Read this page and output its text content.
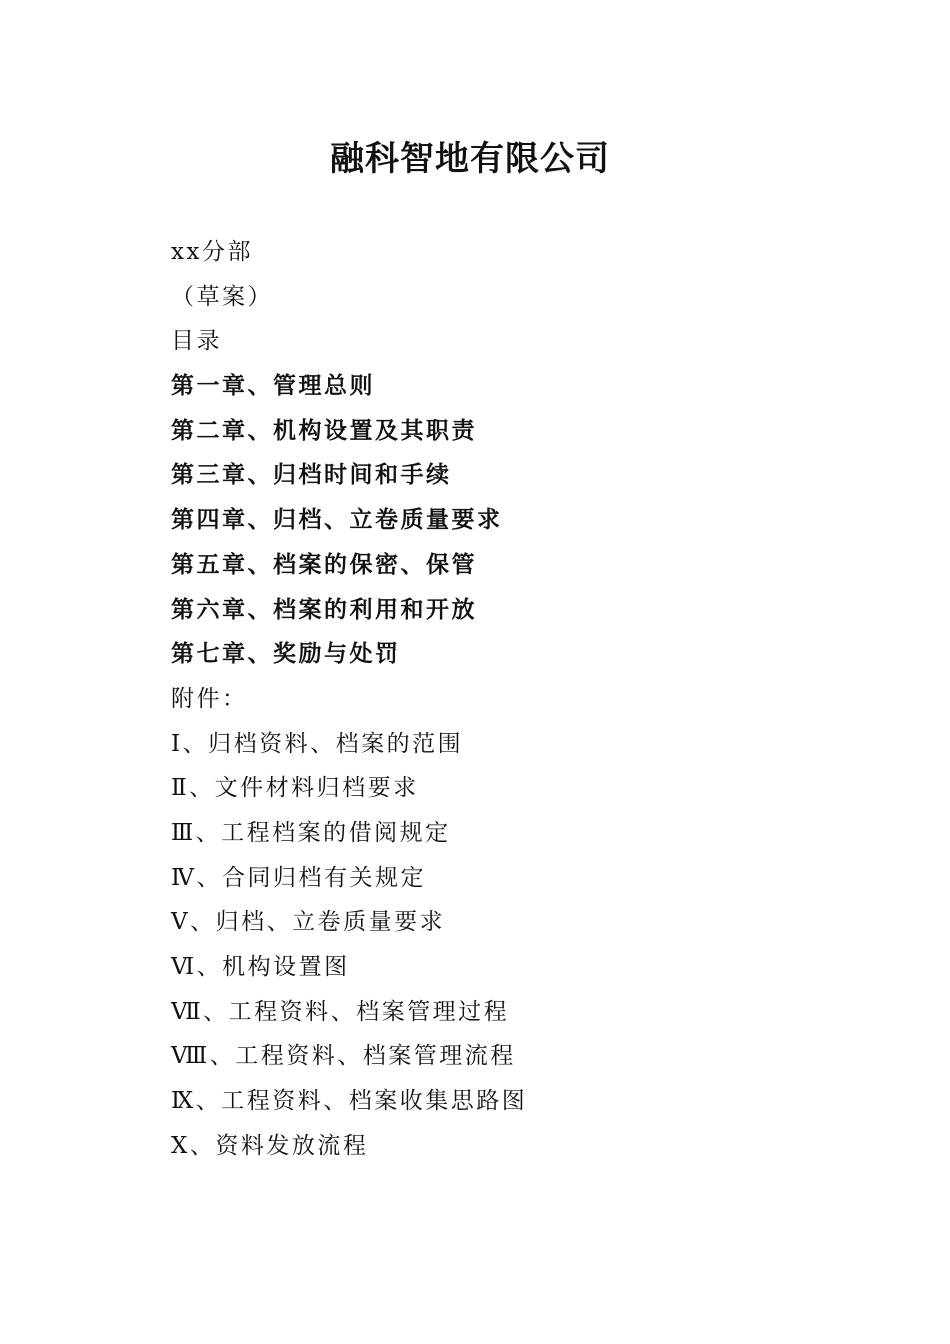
融科智地有限公司
xx分部
（草案）
目录
第一章、管理总则
第二章、机构设置及其职责
第三章、归档时间和手续
第四章、归档、立卷质量要求
第五章、档案的保密、保管
第六章、档案的利用和开放
第七章、奖励与处罚
附件：
Ⅰ、归档资料、档案的范围
Ⅱ、文件材料归档要求
Ⅲ、工程档案的借阅规定
Ⅳ、合同归档有关规定
Ⅴ、归档、立卷质量要求
Ⅵ、机构设置图
Ⅶ、工程资料、档案管理过程
Ⅷ、工程资料、档案管理流程
Ⅸ、工程资料、档案收集思路图
Ⅹ、资料发放流程
